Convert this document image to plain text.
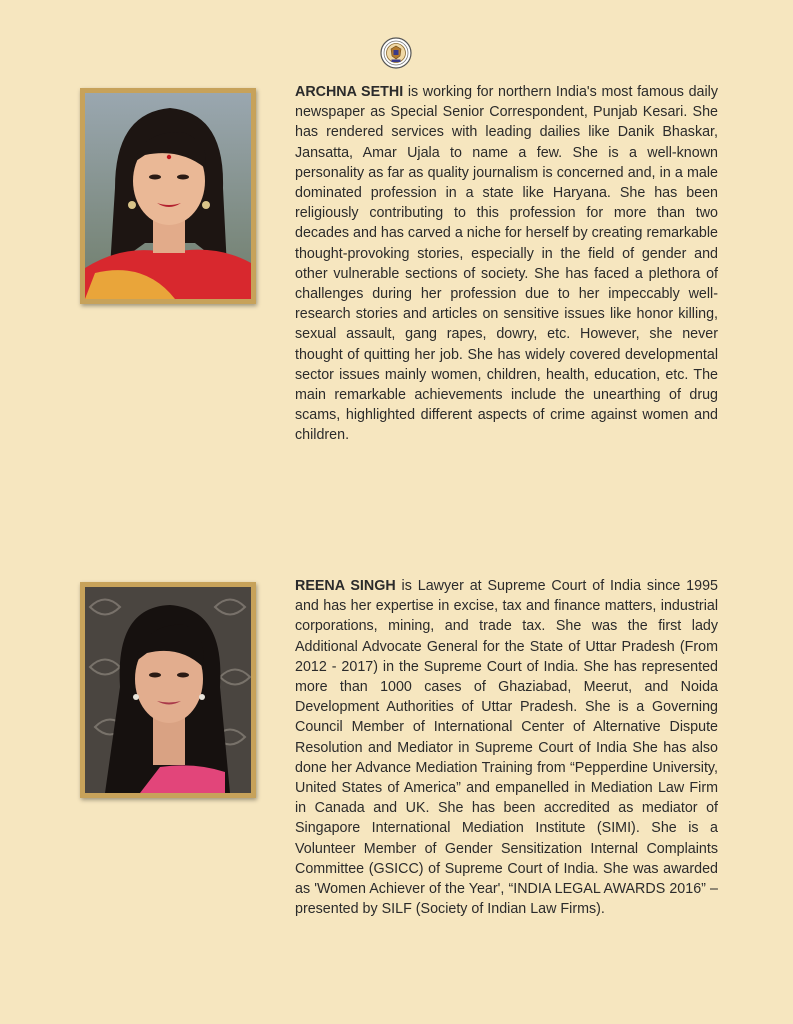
ARCHNA SETHI is working for northern India's most famous daily newspaper as Special Senior Correspondent, Punjab Kesari. She has rendered services with leading dailies like Danik Bhaskar, Jansatta, Amar Ujala to name a few. She is a well-known personality as far as quality journalism is concerned and, in a male dominated profession in a state like Haryana. She has been religiously contributing to this profession for more than two decades and has carved a niche for herself by creating remarkable thought-provoking stories, especially in the field of gender and other vulnerable sections of society. She has faced a plethora of challenges during her profession due to her impeccably well-research stories and articles on sensitive issues like honor killing, sexual assault, gang rapes, dowry, etc. However, she never thought of quitting her job. She has widely covered developmental sector issues mainly women, children, health, education, etc. The main remarkable achievements include the unearthing of drug scams, highlighted different aspects of crime against women and children.

REENA SINGH is Lawyer at Supreme Court of India since 1995 and has her expertise in excise, tax and finance matters, industrial corporations, mining, and trade tax. She was the first lady Additional Advocate General for the State of Uttar Pradesh (From 2012 - 2017) in the Supreme Court of India. She has represented more than 1000 cases of Ghaziabad, Meerut, and Noida Development Authorities of Uttar Pradesh. She is a Governing Council Member of International Center of Alternative Dispute Resolution and Mediator in Supreme Court of India She has also done her Advance Mediation Training from “Pepperdine University, United States of America” and empanelled in Mediation Law Firm in Canada and UK. She has been accredited as mediator of Singapore International Mediation Institute (SIMI). She is a Volunteer Member of Gender Sensitization Internal Complaints Committee (GSICC) of Supreme Court of India. She was awarded as 'Women Achiever of the Year', “INDIA LEGAL AWARDS 2016” – presented by SILF (Society of Indian Law Firms).
